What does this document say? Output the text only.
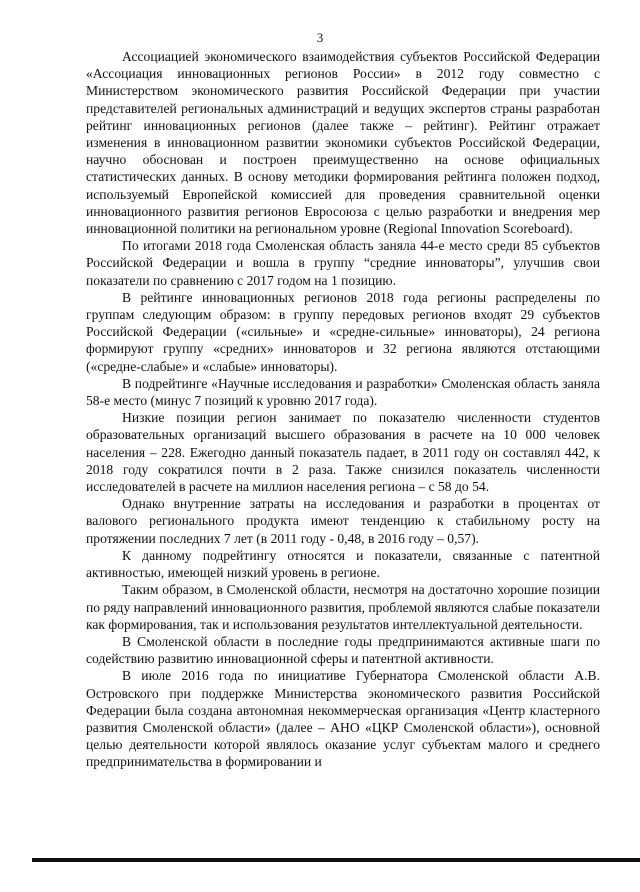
3

Ассоциацией экономического взаимодействия субъектов Российской Федерации «Ассоциация инновационных регионов России» в 2012 году совместно с Министерством экономического развития Российской Федерации при участии представителей региональных администраций и ведущих экспертов страны разработан рейтинг инновационных регионов (далее также – рейтинг). Рейтинг отражает изменения в инновационном развитии экономики субъектов Российской Федерации, научно обоснован и построен преимущественно на основе официальных статистических данных. В основу методики формирования рейтинга положен подход, используемый Европейской комиссией для проведения сравнительной оценки инновационного развития регионов Евросоюза с целью разработки и внедрения мер инновационной политики на региональном уровне (Regional Innovation Scoreboard).

По итогами 2018 года Смоленская область заняла 44-е место среди 85 субъектов Российской Федерации и вошла в группу “средние инноваторы”, улучшив свои показатели по сравнению с 2017 годом на 1 позицию.

В рейтинге инновационных регионов 2018 года регионы распределены по группам следующим образом: в группу передовых регионов входят 29 субъектов Российской Федерации («сильные» и «средне-сильные» инноваторы), 24 региона формируют группу «средних» инноваторов и 32 региона являются отстающими («средне-слабые» и «слабые» инноваторы).

В подрейтинге «Научные исследования и разработки» Смоленская область заняла 58-е место (минус 7 позиций к уровню 2017 года).

Низкие позиции регион занимает по показателю численности студентов образовательных организаций высшего образования в расчете на 10 000 человек населения – 228. Ежегодно данный показатель падает, в 2011 году он составлял 442, к 2018 году сократился почти в 2 раза. Также снизился показатель численности исследователей в расчете на миллион населения региона – с 58 до 54.

Однако внутренние затраты на исследования и разработки в процентах от валового регионального продукта имеют тенденцию к стабильному росту на протяжении последних 7 лет (в 2011 году - 0,48, в 2016 году – 0,57).

К данному подрейтингу относятся и показатели, связанные с патентной активностью, имеющей низкий уровень в регионе.

Таким образом, в Смоленской области, несмотря на достаточно хорошие позиции по ряду направлений инновационного развития, проблемой являются слабые показатели как формирования, так и использования результатов интеллектуальной деятельности.

В Смоленской области в последние годы предпринимаются активные шаги по содействию развитию инновационной сферы и патентной активности.

В июле 2016 года по инициативе Губернатора Смоленской области А.В. Островского при поддержке Министерства экономического развития Российской Федерации была создана автономная некоммерческая организация «Центр кластерного развития Смоленской области» (далее – АНО «ЦКР Смоленской области»), основной целью деятельности которой являлось оказание услуг субъектам малого и среднего предпринимательства в формировании и
